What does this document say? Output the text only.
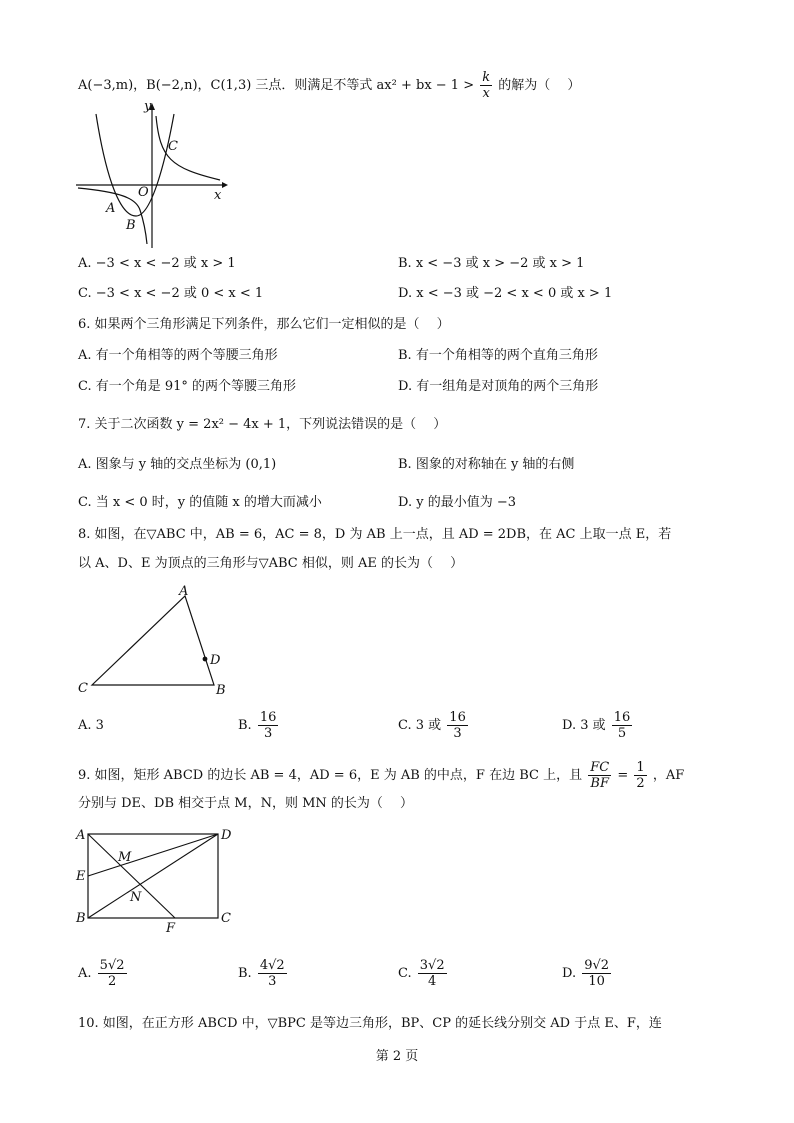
A(−3,m)，B(−2,n)，C(1,3) 三点．则满足不等式 ax² + bx − $1 > \frac{k}{x}$ 的解为（　 ）
y
x
O
A
B
C
A. −3 < x < −2 或 x > 1	B. x < −3 或 x > −2 或 x > 1
C. −3 < x < −2 或 0 < x < 1	D. x < −3 或 −2 < x < 0 或 x > 1
6. 如果两个三角形满足下列条件，那么它们一定相似的是（　 ）
A. 有一个角相等的两个等腰三角形	B. 有一个角相等的两个直角三角形
C. 有一个角是 91° 的两个等腰三角形	D. 有一组角是对顶角的两个三角形
7. 关于二次函数 y = 2x² − 4x + 1，下列说法错误的是（　 ）
A. 图象与 y 轴的交点坐标为 (0,1)	B. 图象的对称轴在 y 轴的右侧
C. 当 x < 0 时，y 的值随 x 的增大而减小	D. y 的最小值为 −3
8. 如图，在▽ABC 中，AB = 6，AC = 8，D 为 AB 上一点，且 AD = 2DB，在 AC 上取一点 E，若
以 A、D、E 为顶点的三角形与▽ABC 相似，则 AE 的长为（　 ）
A
B
C
D
A. 3	B. $\frac{16}{3}$	C. 3 或 $\frac{16}{3}$	D. 3 或 $\frac{16}{5}$
9. 如图，矩形 ABCD 的边长 AB = 4，AD = 6，E 为 AB 的中点，F 在边 BC 上，且 $\frac{FC}{BF} = \frac{1}{2}$ ，AF
分别与 DE、DB 相交于点 M，N，则 MN 的长为（　 ）
A
B	C
D
E
F
M
N
A. $\frac{5√2}{2}$	B. $\frac{4√2}{3}$	C. $\frac{3√2}{4}$	D. $\frac{9√2}{10}$
10. 如图，在正方形 ABCD 中，▽BPC 是等边三角形，BP、CP 的延长线分别交 AD 于点 E、F，连
第 2 页
